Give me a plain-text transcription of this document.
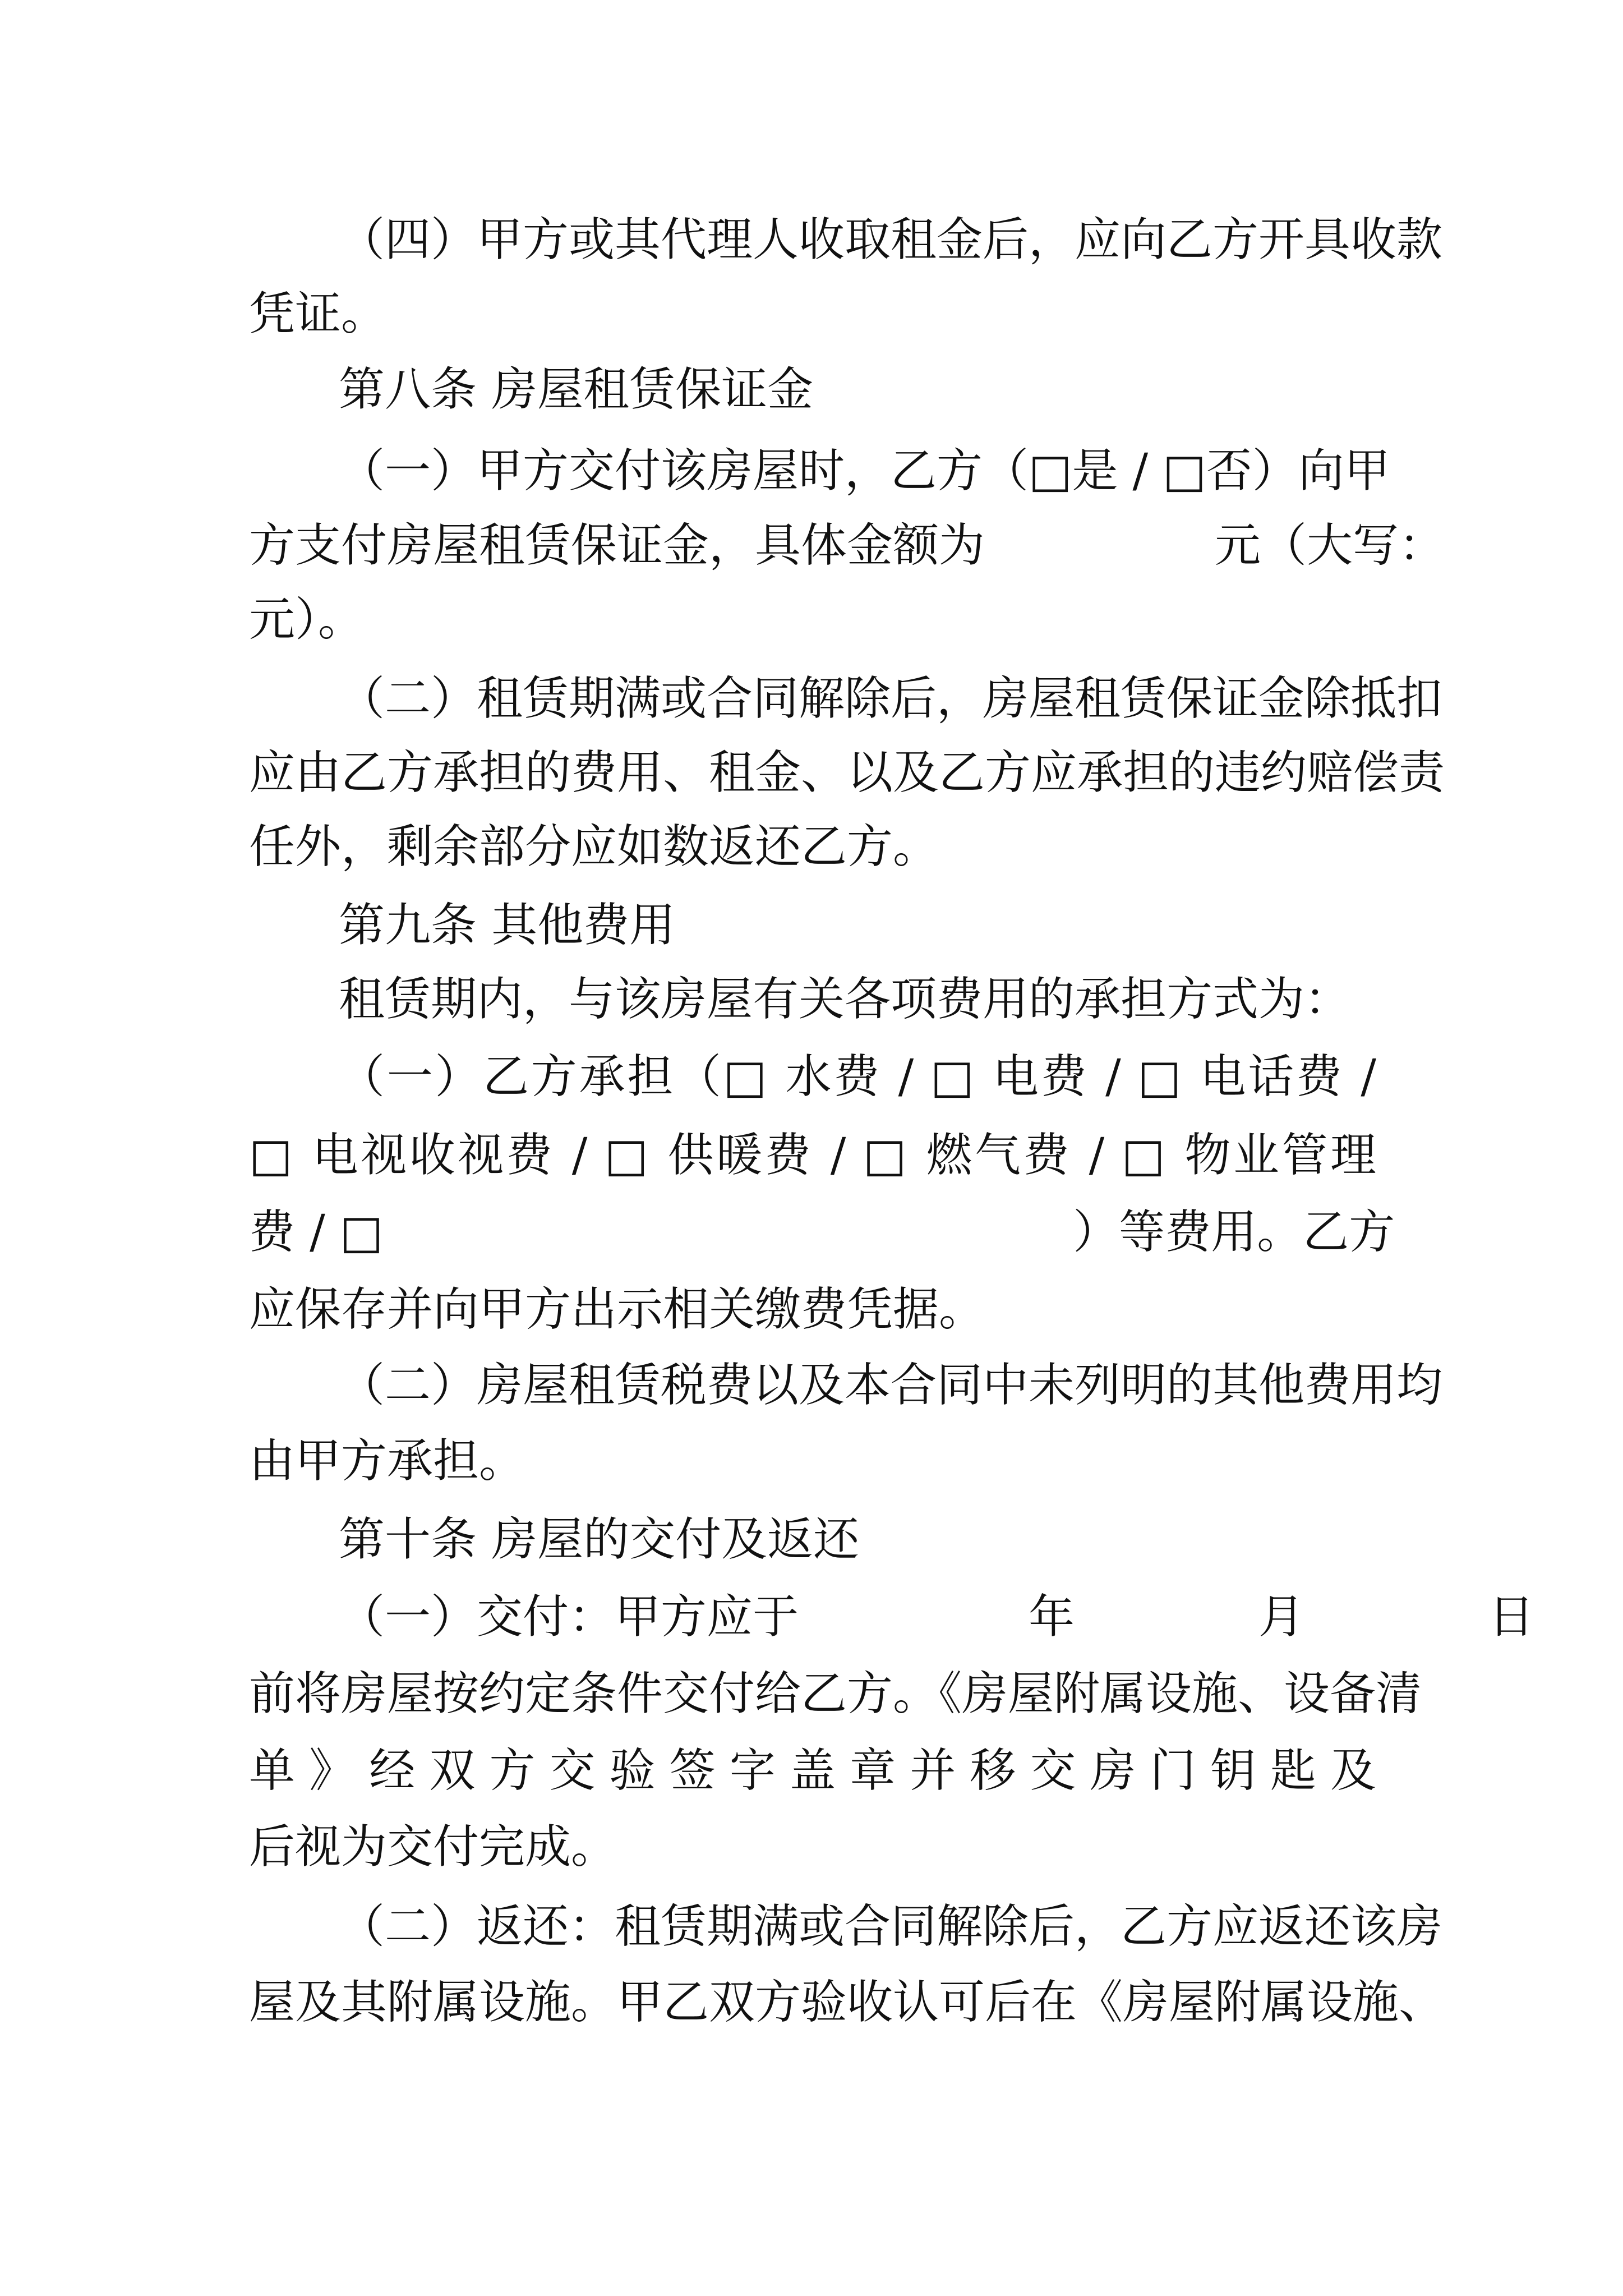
（四）甲方或其代理人收取租金后，应向乙方开具收款
凭证。
第八条 房屋租赁保证金
（一）甲方交付该房屋时，乙方（□是 / □否）向甲
方支付房屋租赁保证金，具体金额为　　　　　元（大写：
元）。
（二）租赁期满或合同解除后，房屋租赁保证金除抵扣
应由乙方承担的费用、租金、以及乙方应承担的违约赔偿责
任外，剩余部分应如数返还乙方。
第九条 其他费用
租赁期内，与该房屋有关各项费用的承担方式为：
（一）乙方承担（□ 水费 / □ 电费 / □ 电话费 /
□ 电视收视费 / □ 供暖费 / □ 燃气费 / □ 物业管理
费 / □　　　　　　　　　　　　　　　）等费用。乙方
应保存并向甲方出示相关缴费凭据。
（二）房屋租赁税费以及本合同中未列明的其他费用均
由甲方承担。
第十条 房屋的交付及返还
（一）交付：甲方应于　　　　　年　　　　月　　　　日
前将房屋按约定条件交付给乙方。《房屋附属设施、设备清
单》经双方交验签字盖章并移交房门钥匙及
后视为交付完成。
（二）返还：租赁期满或合同解除后，乙方应返还该房
屋及其附属设施。甲乙双方验收认可后在《房屋附属设施、
